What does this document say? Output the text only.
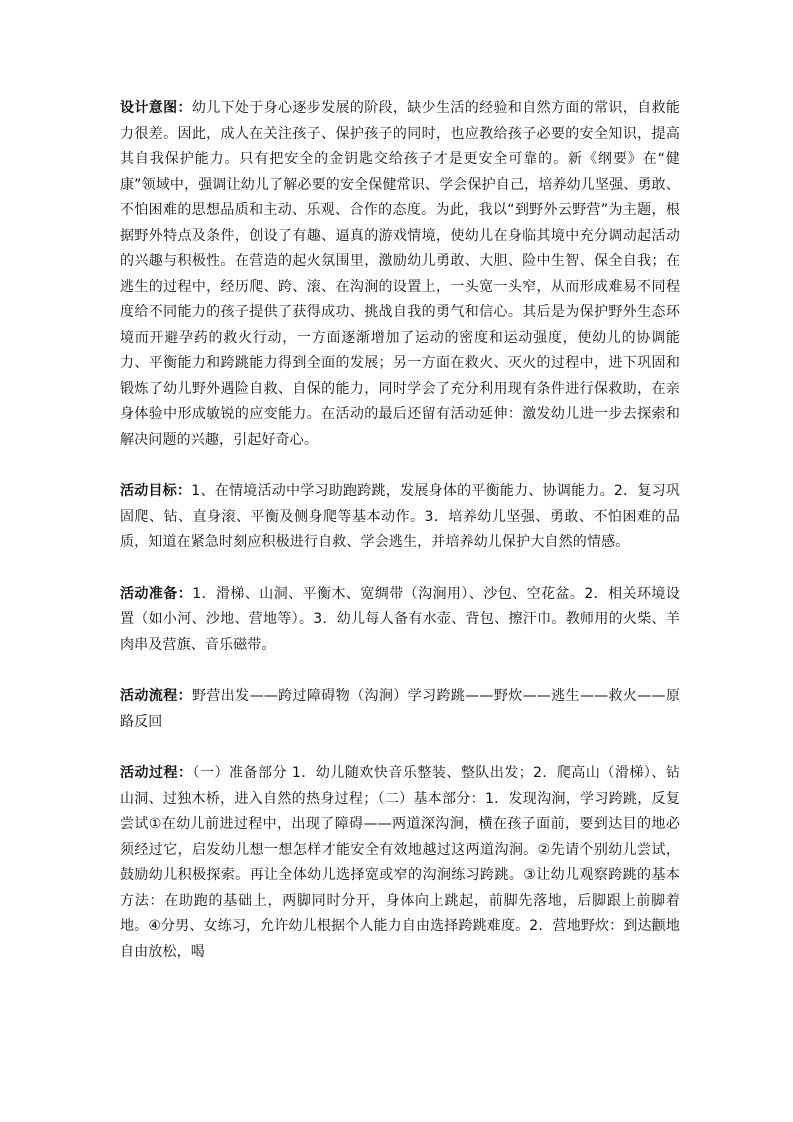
设计意图：幼儿下处于身心逐步发展的阶段，缺少生活的经验和自然方面的常识，自救能力很差。因此，成人在关注孩子、保护孩子的同时，也应教给孩子必要的安全知识，提高其自我保护能力。只有把安全的金钥匙交给孩子才是更安全可靠的。新《纲要》在“健康”领域中，强调让幼儿了解必要的安全保健常识、学会保护自己，培养幼儿坚强、勇敢、不怕困难的思想品质和主动、乐观、合作的态度。为此，我以“到野外云野营”为主题，根据野外特点及条件，创设了有趣、逼真的游戏情境，使幼儿在身临其境中充分调动起活动的兴趣与积极性。在营造的起火氛围里，激励幼儿勇敢、大胆、险中生智、保全自我；在逃生的过程中，经历爬、跨、滚、在沟涧的设置上，一头宽一头窄，从而形成难易不同程度给不同能力的孩子提供了获得成功、挑战自我的勇气和信心。其后是为保护野外生态环境而开避孕药的救火行动，一方面逐渐增加了运动的密度和运动强度，使幼儿的协调能力、平衡能力和跨跳能力得到全面的发展；另一方面在救火、灭火的过程中，进下巩固和锻炼了幼儿野外遇险自救、自保的能力，同时学会了充分利用现有条件进行保救助，在亲身体验中形成敏锐的应变能力。在活动的最后还留有活动延伸：激发幼儿进一步去探索和解决问题的兴趣，引起好奇心。

活动目标：1、在情境活动中学习助跑跨跳，发展身体的平衡能力、协调能力。2．复习巩固爬、钻、直身滚、平衡及侧身爬等基本动作。3．培养幼儿坚强、勇敢、不怕困难的品质，知道在紧急时刻应积极进行自救、学会逃生，并培养幼儿保护大自然的情感。

活动准备：1．滑梯、山洞、平衡木、宽绸带（沟涧用）、沙包、空花盆。2．相关环境设置（如小河、沙地、营地等）。3．幼儿每人备有水壶、背包、擦汗巾。教师用的火柴、羊肉串及营旗、音乐磁带。

活动流程：野营出发——跨过障碍物（沟涧）学习跨跳——野炊——逃生——救火——原路反回

活动过程：（一）准备部分 1．幼儿随欢快音乐整装、整队出发；2．爬高山（滑梯）、钻山洞、过独木桥，进入自然的热身过程；（二）基本部分：1．发现沟涧，学习跨跳，反复尝试①在幼儿前进过程中，出现了障碍——两道深沟涧，横在孩子面前，要到达目的地必须经过它，启发幼儿想一想怎样才能安全有效地越过这两道沟涧。②先请个别幼儿尝试，鼓励幼儿积极探索。再让全体幼儿选择宽或窄的沟涧练习跨跳。③让幼儿观察跨跳的基本方法：在助跑的基础上，两脚同时分开，身体向上跳起，前脚先落地，后脚跟上前脚着地。④分男、女练习，允许幼儿根据个人能力自由选择跨跳难度。2．营地野炊：到达颧地自由放松，喝
